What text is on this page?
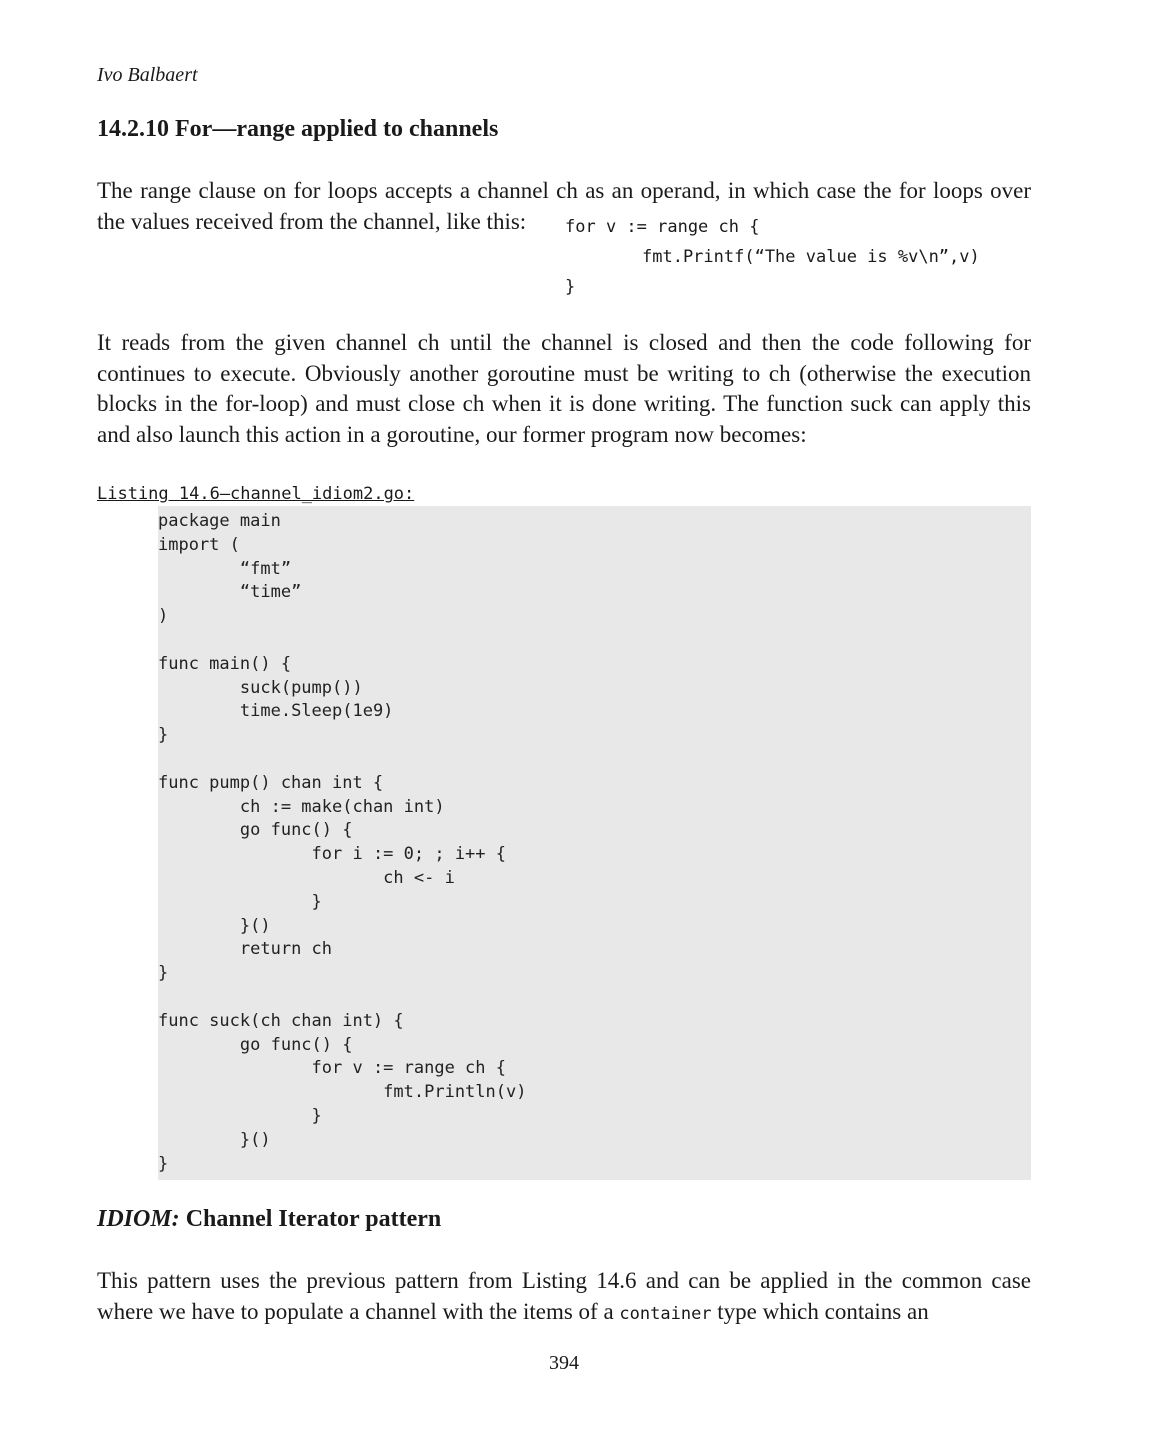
Ivo Balbaert
14.2.10 For—range applied to channels
The range clause on for loops accepts a channel ch as an operand, in which case the for loops over the values received from the channel, like this:	for v := range ch {
fmt.Printf(“The value is %v\n”,v)
}
It reads from the given channel ch until the channel is closed and then the code following for continues to execute. Obviously another goroutine must be writing to ch (otherwise the execution blocks in the for-loop) and must close ch when it is done writing. The function suck can apply this and also launch this action in a goroutine, our former program now becomes:
Listing 14.6—channel_idiom2.go:
package main
import (
	“fmt”
	“time”
)

func main() {
	suck(pump())
	time.Sleep(1e9)
}

func pump() chan int {
	ch := make(chan int)
	go func() {
	for i := 0; ; i++ {
		ch <- i
	}
	}()
	return ch
}

func suck(ch chan int) {
	go func() {
	for v := range ch {
		fmt.Println(v)
	}
	}()
}
IDIOM: Channel Iterator pattern
This pattern uses the previous pattern from Listing 14.6 and can be applied in the common case where we have to populate a channel with the items of a container type which contains an
394
